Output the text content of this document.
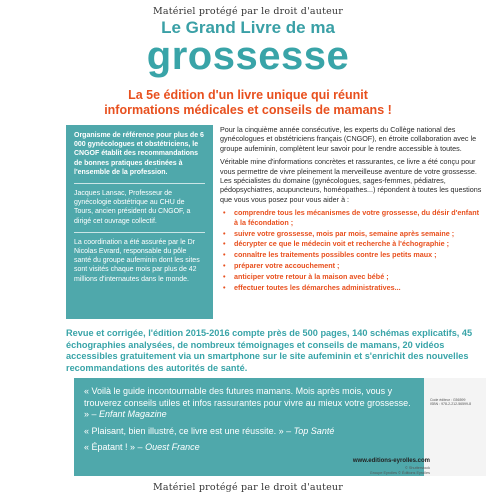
Matériel protégé par le droit d'auteur
Le Grand Livre de ma
grossesse
La 5e édition d'un livre unique qui réunit
informations médicales et conseils de mamans !

Organisme de référence pour plus de 6 000 gynécologues et obstétriciens, le CNGOF établit des recommandations de bonnes pratiques destinées à l'ensemble de la profession.

Jacques Lansac, Professeur de gynécologie obstétrique au CHU de Tours, ancien président du CNGOF, a dirigé cet ouvrage collectif.

La coordination a été assurée par le Dr Nicolas Evrard, responsable du pôle santé du groupe aufeminin dont les sites sont visités chaque mois par plus de 42 millions d'internautes dans le monde.

Pour la cinquième année consécutive, les experts du Collège national des gynécologues et obstétriciens français (CNGOF), en étroite collaboration avec le groupe aufeminin, complètent leur savoir pour le rendre accessible à toutes.

Véritable mine d'informations concrètes et rassurantes, ce livre a été conçu pour vous permettre de vivre pleinement la merveilleuse aventure de votre grossesse. Les spécialistes du domaine (gynécologues, sages-femmes, pédiatres, pédopsychiatres, acupuncteurs, homéopathes...) répondent à toutes les questions que vous vous posez pour vous aider à :

• comprendre tous les mécanismes de votre grossesse, du désir d'enfant à la fécondation ;
• suivre votre grossesse, mois par mois, semaine après semaine ;
• décrypter ce que le médecin voit et recherche à l'échographie ;
• connaître les traitements possibles contre les petits maux ;
• préparer votre accouchement ;
• anticiper votre retour à la maison avec bébé ;
• effectuer toutes les démarches administratives...
Revue et corrigée, l'édition 2015-2016 compte près de 500 pages, 140 schémas explicatifs, 45 échographies analysées, de nombreux témoignages et conseils de mamans, 20 vidéos accessibles gratuitement via un smartphone sur le site aufeminin et s'enrichit des nouvelles recommandations des autorités de santé.

« Voilà le guide incontournable des futures mamans. Mois après mois, vous y trouverez conseils utiles et infos rassurantes pour vivre au mieux votre grossesse. » – Enfant Magazine

« Plaisant, bien illustré, ce livre est une réussite. » – Top Santé

« Épatant ! » – Ouest France

Code éditeur : G56599
ISBN : 978-2-212-56599-8
www.editions-eyrolles.com
© Shutterstock
Groupe Eyrolles © Éditions Eyrolles
Matériel protégé par le droit d'auteur
